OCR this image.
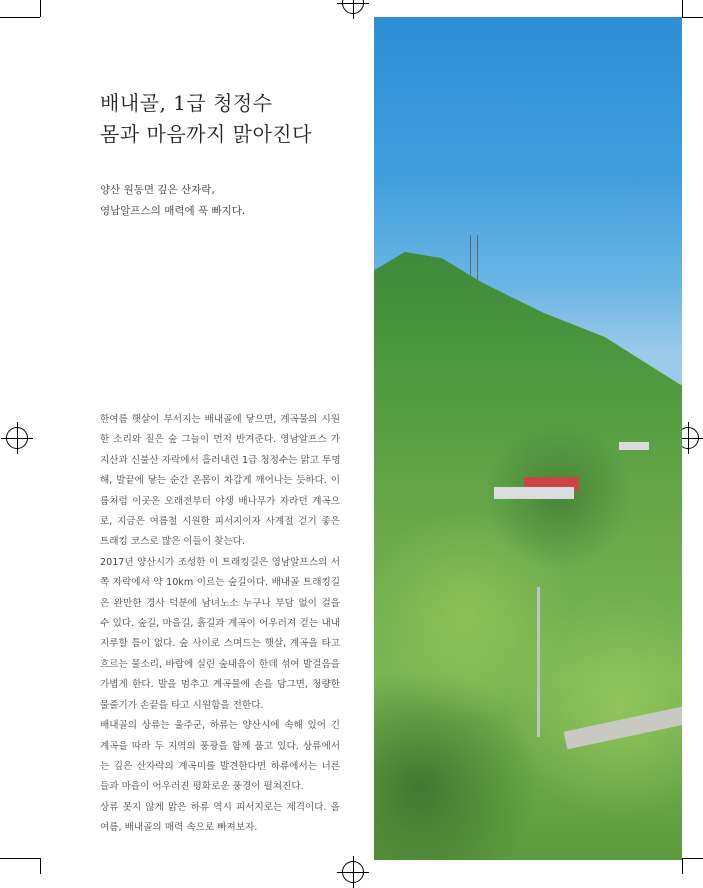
배내골, 1급 청정수
몸과 마음까지 맑아진다
양산 원동면 깊은 산자락,
영남알프스의 매력에 푹 빠지다.
한여름 햇살이 부서지는 배내골에 닿으면, 계곡물의 시원
한 소리와 짙은 숲 그늘이 먼저 반겨준다. 영남알프스 가
지산과 신불산 자락에서 흘러내린 1급 청정수는 맑고 투명
해, 발끝에 닿는 순간 온몸이 차갑게 깨어나는 듯하다. 이
름처럼 이곳은 오래전부터 야생 배나무가 자라던 계곡으
로, 지금은 여름철 시원한 피서지이자 사계절 걷기 좋은
트래킹 코스로 많은 이들이 찾는다.
2017년 양산시가 조성한 이 트래킹길은 영남알프스의 서
쪽 자락에서 약 10km 이르는 숲길이다. 배내골 트래킹길
은 완만한 경사 덕분에 남녀노소 누구나 부담 없이 걸을
수 있다. 숲길, 마을길, 흙길과 계곡이 어우러져 걷는 내내
지루할 틈이 없다. 숲 사이로 스며드는 햇살, 계곡을 타고
흐르는 물소리, 바람에 실린 숲내음이 한데 섞여 발걸음을
가볍게 한다. 발을 멈추고 계곡물에 손을 담그면, 청량한
물줄기가 손끝을 타고 시원함을 전한다.
배내골의 상류는 울주군, 하류는 양산시에 속해 있어 긴
계곡을 따라 두 지역의 풍광을 함께 품고 있다. 상류에서
는 깊은 산자락의 계곡미를 발견한다면 하류에서는 너른
들과 마을이 어우러진 평화로운 풍경이 펼쳐진다.
상류 못지 않게 맑은 하류 역시 피서지로는 제격이다. 올
여름, 배내골의 매력 속으로 빠져보자.
